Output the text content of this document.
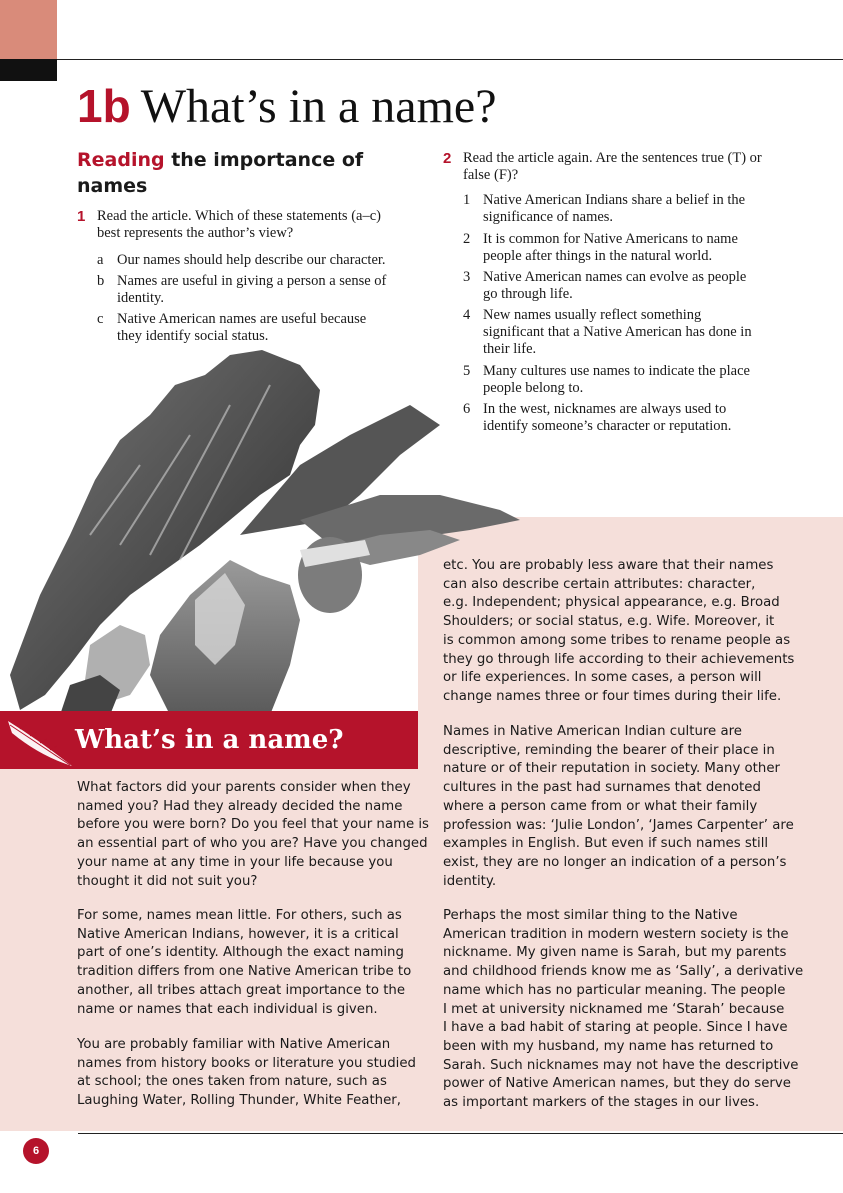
1b What’s in a name?
Reading the importance of names
1 Read the article. Which of these statements (a–c)
best represents the author’s view?
a Our names should help describe our character.
b Names are useful in giving a person a sense of
identity.
c Native American names are useful because
they identify social status.
2 Read the article again. Are the sentences true (T) or
false (F)?
1 Native American Indians share a belief in the
significance of names.
2 It is common for Native Americans to name
people after things in the natural world.
3 Native American names can evolve as people
go through life.
4 New names usually reflect something
significant that a Native American has done in
their life.
5 Many cultures use names to indicate the place
people belong to.
6 In the west, nicknames are always used to
identify someone’s character or reputation.
What’s in a name?
What factors did your parents consider when they
named you? Had they already decided the name
before you were born? Do you feel that your name is
an essential part of who you are? Have you changed
your name at any time in your life because you
thought it did not suit you?
For some, names mean little. For others, such as
Native American Indians, however, it is a critical
part of one’s identity. Although the exact naming
tradition differs from one Native American tribe to
another, all tribes attach great importance to the
name or names that each individual is given.
You are probably familiar with Native American
names from history books or literature you studied
at school; the ones taken from nature, such as
Laughing Water, Rolling Thunder, White Feather,
etc. You are probably less aware that their names
can also describe certain attributes: character,
e.g. Independent; physical appearance, e.g. Broad
Shoulders; or social status, e.g. Wife. Moreover, it
is common among some tribes to rename people as
they go through life according to their achievements
or life experiences. In some cases, a person will
change names three or four times during their life.
Names in Native American Indian culture are
descriptive, reminding the bearer of their place in
nature or of their reputation in society. Many other
cultures in the past had surnames that denoted
where a person came from or what their family
profession was: ‘Julie London’, ‘James Carpenter’ are
examples in English. But even if such names still
exist, they are no longer an indication of a person’s
identity.
Perhaps the most similar thing to the Native
American tradition in modern western society is the
nickname. My given name is Sarah, but my parents
and childhood friends know me as ‘Sally’, a derivative
name which has no particular meaning. The people
I met at university nicknamed me ‘Starah’ because
I have a bad habit of staring at people. Since I have
been with my husband, my name has returned to
Sarah. Such nicknames may not have the descriptive
power of Native American names, but they do serve
as important markers of the stages in our lives.
6
